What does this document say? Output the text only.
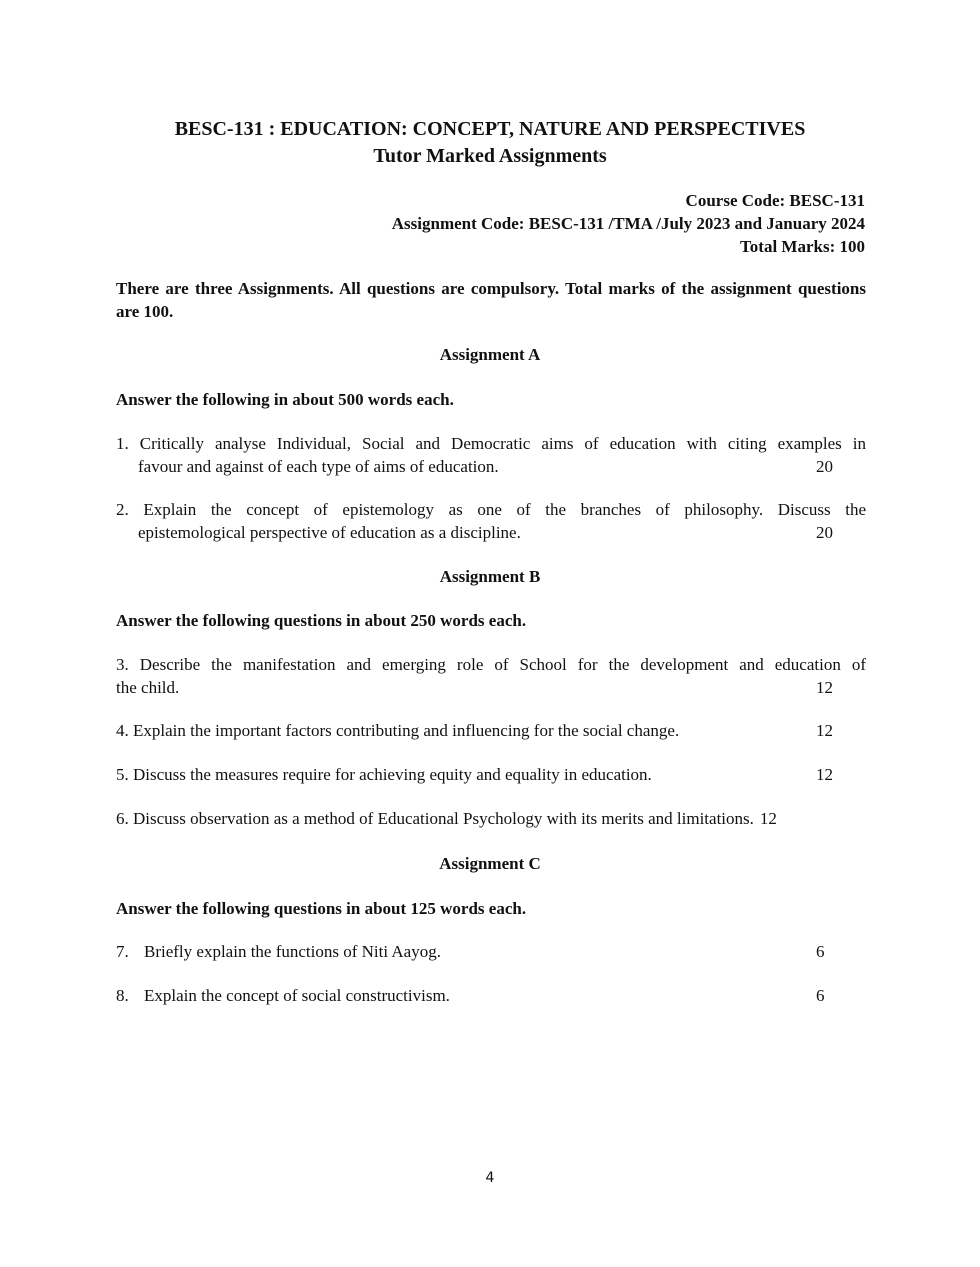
BESC-131 : EDUCATION: CONCEPT, NATURE AND PERSPECTIVES
Tutor Marked Assignments
Course Code: BESC-131
Assignment Code: BESC-131 /TMA /July 2023 and January 2024
Total Marks: 100
There are three Assignments. All questions are compulsory. Total marks of the assignment questions are 100.
Assignment A
Answer the following in about 500 words each.
1. Critically analyse Individual, Social and Democratic aims of education with citing examples in
favour and against of each type of aims of education.	20
2. Explain the concept of epistemology as one of the branches of philosophy. Discuss the
epistemological perspective of education as a discipline.	20
Assignment B
Answer the following questions in about 250 words each.
3. Describe the manifestation and emerging role of School for the development and education of
the child.	12
4. Explain the important factors contributing and influencing for the social change.	12
5. Discuss the measures require for achieving equity and equality in education.	12
6. Discuss observation as a method of Educational Psychology with its merits and limitations. 12
Assignment C
Answer the following questions in about 125 words each.
7. Briefly explain the functions of Niti Aayog.	6
8. Explain the concept of social constructivism.	6
4
